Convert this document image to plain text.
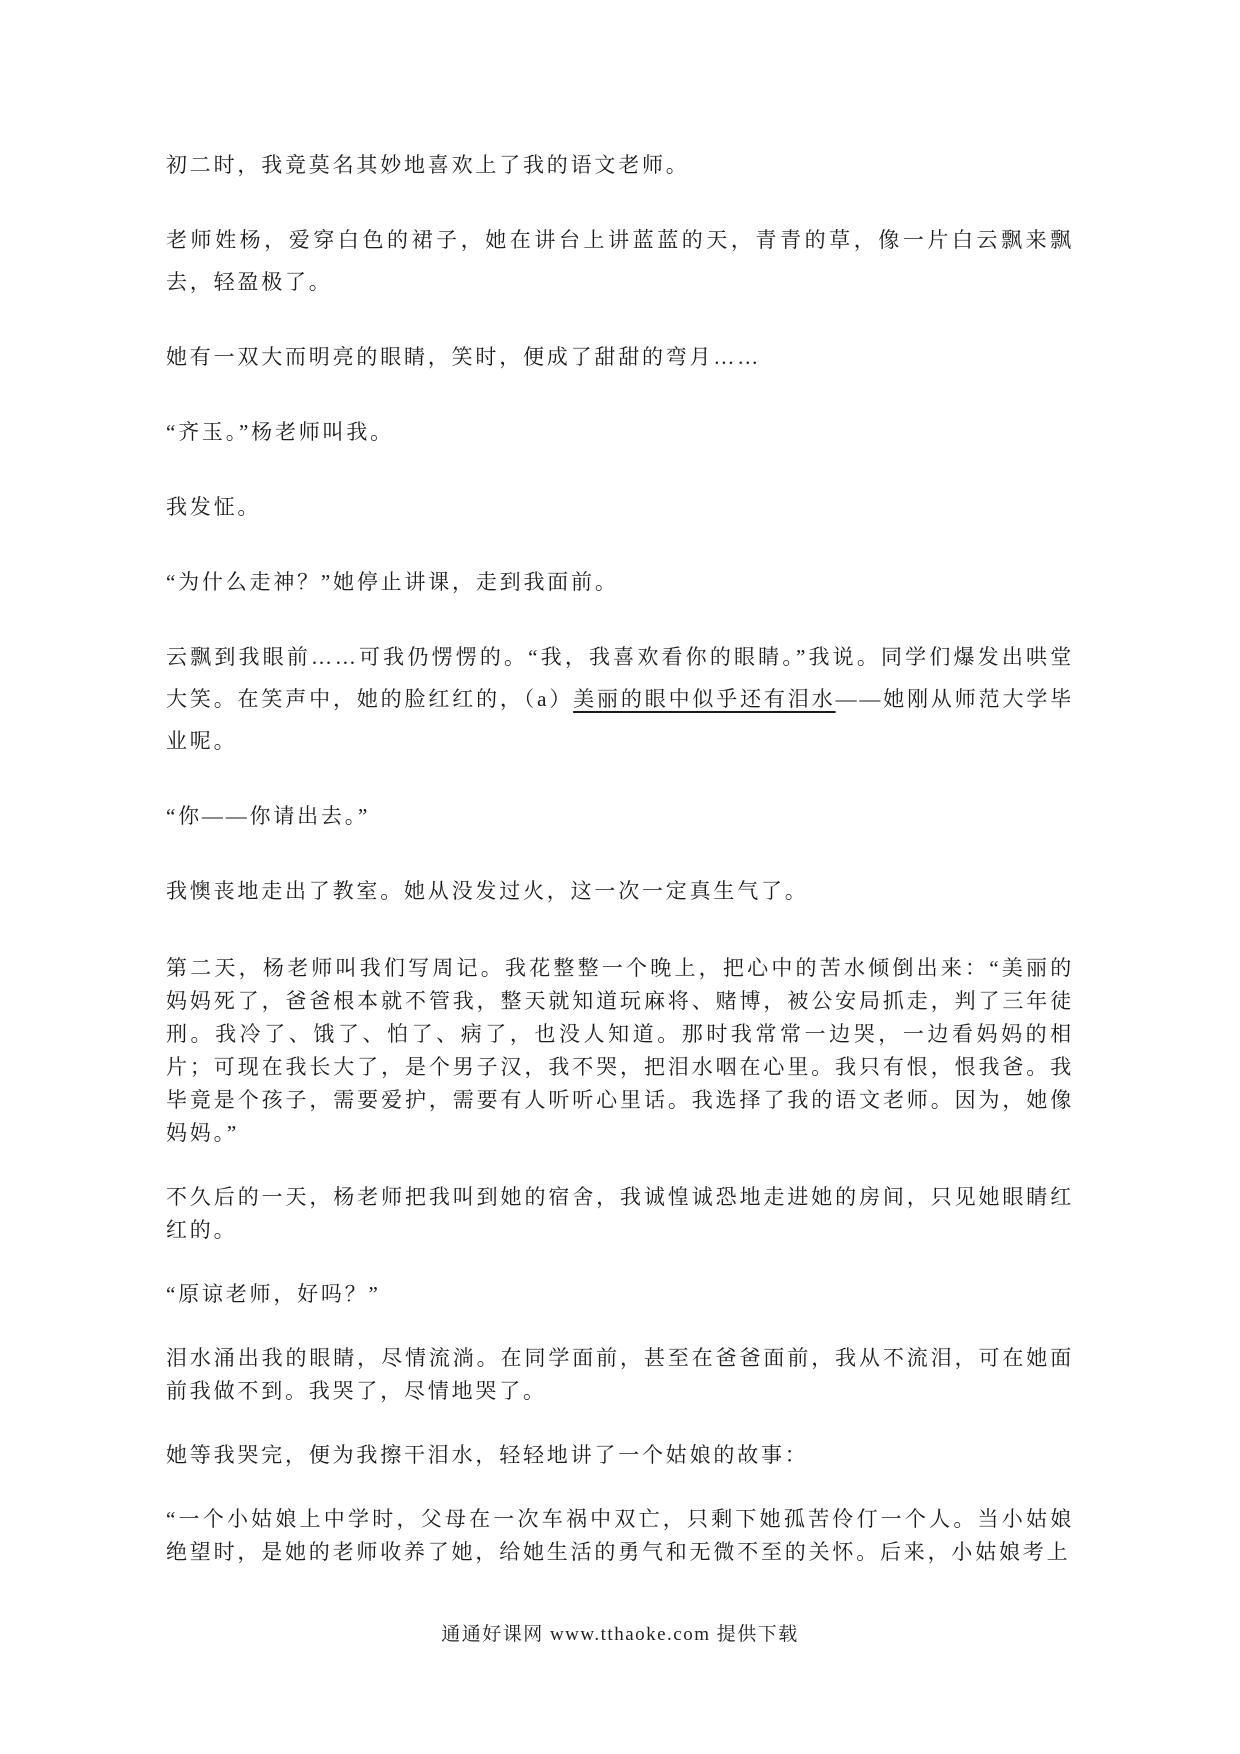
初二时，我竟莫名其妙地喜欢上了我的语文老师。

老师姓杨，爱穿白色的裙子，她在讲台上讲蓝蓝的天，青青的草，像一片白云飘来飘去，轻盈极了。

她有一双大而明亮的眼睛，笑时，便成了甜甜的弯月……

“齐玉。”杨老师叫我。

我发怔。

“为什么走神？”她停止讲课，走到我面前。

云飘到我眼前……可我仍愣愣的。“我，我喜欢看你的眼睛。”我说。同学们爆发出哄堂大笑。在笑声中，她的脸红红的，（a）美丽的眼中似乎还有泪水——她刚从师范大学毕业呢。

“你——你请出去。”

我懊丧地走出了教室。她从没发过火，这一次一定真生气了。

第二天，杨老师叫我们写周记。我花整整一个晚上，把心中的苦水倾倒出来：“美丽的妈妈死了，爸爸根本就不管我，整天就知道玩麻将、赌博，被公安局抓走，判了三年徒刑。我冷了、饿了、怕了、病了，也没人知道。那时我常常一边哭，一边看妈妈的相片；可现在我长大了，是个男子汉，我不哭，把泪水咽在心里。我只有恨，恨我爸。我毕竟是个孩子，需要爱护，需要有人听听心里话。我选择了我的语文老师。因为，她像妈妈。”

不久后的一天，杨老师把我叫到她的宿舍，我诚惶诚恐地走进她的房间，只见她眼睛红红的。

“原谅老师，好吗？”

泪水涌出我的眼睛，尽情流淌。在同学面前，甚至在爸爸面前，我从不流泪，可在她面前我做不到。我哭了，尽情地哭了。

她等我哭完，便为我擦干泪水，轻轻地讲了一个姑娘的故事：

“一个小姑娘上中学时，父母在一次车祸中双亡，只剩下她孤苦伶仃一个人。当小姑娘绝望时，是她的老师收养了她，给她生活的勇气和无微不至的关怀。后来，小姑娘考上

通通好课网 www.tthaoke.com 提供下载
